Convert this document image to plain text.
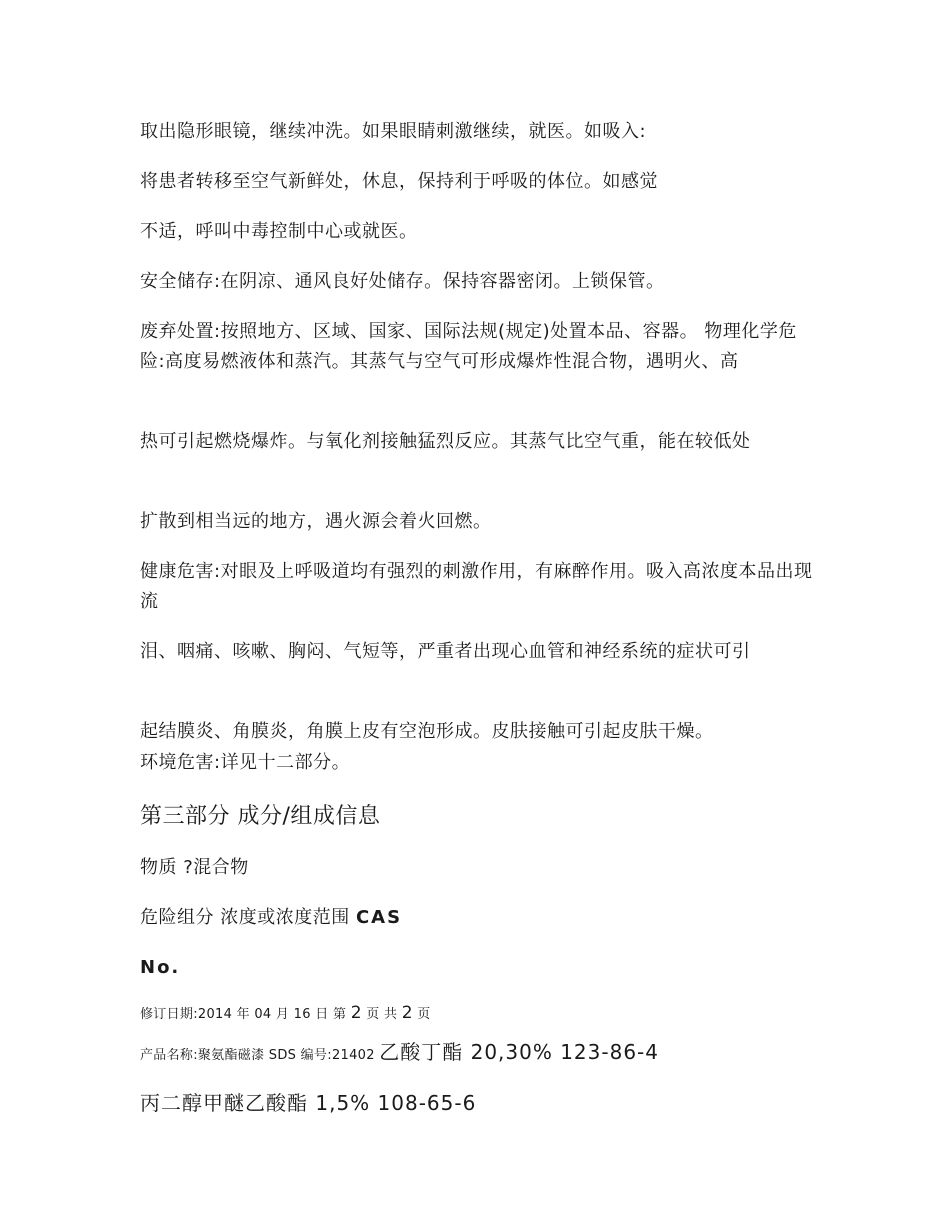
取出隐形眼镜，继续冲洗。如果眼睛刺激继续，就医。如吸入:
将患者转移至空气新鲜处，休息，保持利于呼吸的体位。如感觉
不适，呼叫中毒控制中心或就医。
安全储存:在阴凉、通风良好处储存。保持容器密闭。上锁保管。
废弃处置:按照地方、区域、国家、国际法规(规定)处置本品、容器。 物理化学危险:高度易燃液体和蒸汽。其蒸气与空气可形成爆炸性混合物，遇明火、高
热可引起燃烧爆炸。与氧化剂接触猛烈反应。其蒸气比空气重，能在较低处
扩散到相当远的地方，遇火源会着火回燃。
健康危害:对眼及上呼吸道均有强烈的刺激作用，有麻醉作用。吸入高浓度本品出现流
泪、咽痛、咳嗽、胸闷、气短等，严重者出现心血管和神经系统的症状可引
起结膜炎、角膜炎，角膜上皮有空泡形成。皮肤接触可引起皮肤干燥。
环境危害:详见十二部分。
第三部分 成分/组成信息
物质 ?混合物
危险组分 浓度或浓度范围 CAS
No.
修订日期:2014 年 04 月 16 日 第 2 页 共 2 页
产品名称:聚氨酯磁漆 SDS 编号:21402 乙酸丁酯 20,30% 123-86-4
丙二醇甲醚乙酸酯 1,5% 108-65-6
